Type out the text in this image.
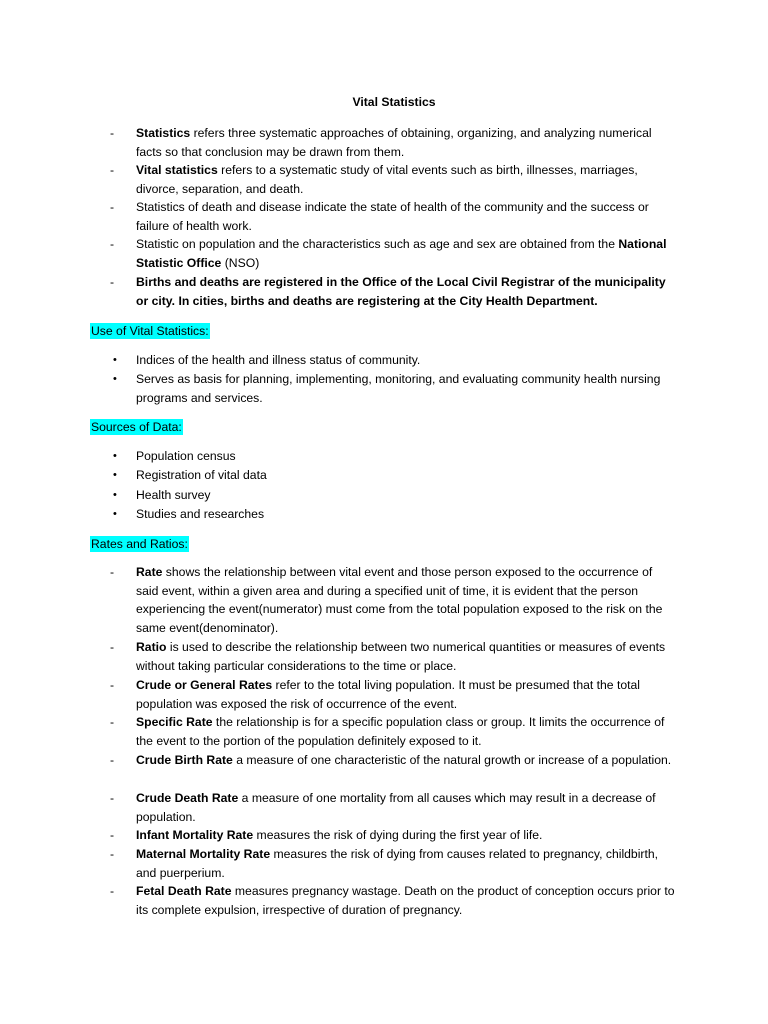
Vital Statistics
- Statistics refers three systematic approaches of obtaining, organizing, and analyzing numerical facts so that conclusion may be drawn from them.
- Vital statistics refers to a systematic study of vital events such as birth, illnesses, marriages, divorce, separation, and death.
- Statistics of death and disease indicate the state of health of the community and the success or failure of health work.
- Statistic on population and the characteristics such as age and sex are obtained from the National Statistic Office (NSO)
- Births and deaths are registered in the Office of the Local Civil Registrar of the municipality or city. In cities, births and deaths are registering at the City Health Department.
Use of Vital Statistics:
• Indices of the health and illness status of community.
• Serves as basis for planning, implementing, monitoring, and evaluating community health nursing programs and services.
Sources of Data:
• Population census
• Registration of vital data
• Health survey
• Studies and researches
Rates and Ratios:
- Rate shows the relationship between vital event and those person exposed to the occurrence of said event, within a given area and during a specified unit of time, it is evident that the person experiencing the event(numerator) must come from the total population exposed to the risk on the same event(denominator).
- Ratio is used to describe the relationship between two numerical quantities or measures of events without taking particular considerations to the time or place.
- Crude or General Rates refer to the total living population. It must be presumed that the total population was exposed the risk of occurrence of the event.
- Specific Rate the relationship is for a specific population class or group. It limits the occurrence of the event to the portion of the population definitely exposed to it.
- Crude Birth Rate a measure of one characteristic of the natural growth or increase of a population.
- Crude Death Rate a measure of one mortality from all causes which may result in a decrease of population.
- Infant Mortality Rate measures the risk of dying during the first year of life.
- Maternal Mortality Rate measures the risk of dying from causes related to pregnancy, childbirth, and puerperium.
- Fetal Death Rate measures pregnancy wastage. Death on the product of conception occurs prior to its complete expulsion, irrespective of duration of pregnancy.
